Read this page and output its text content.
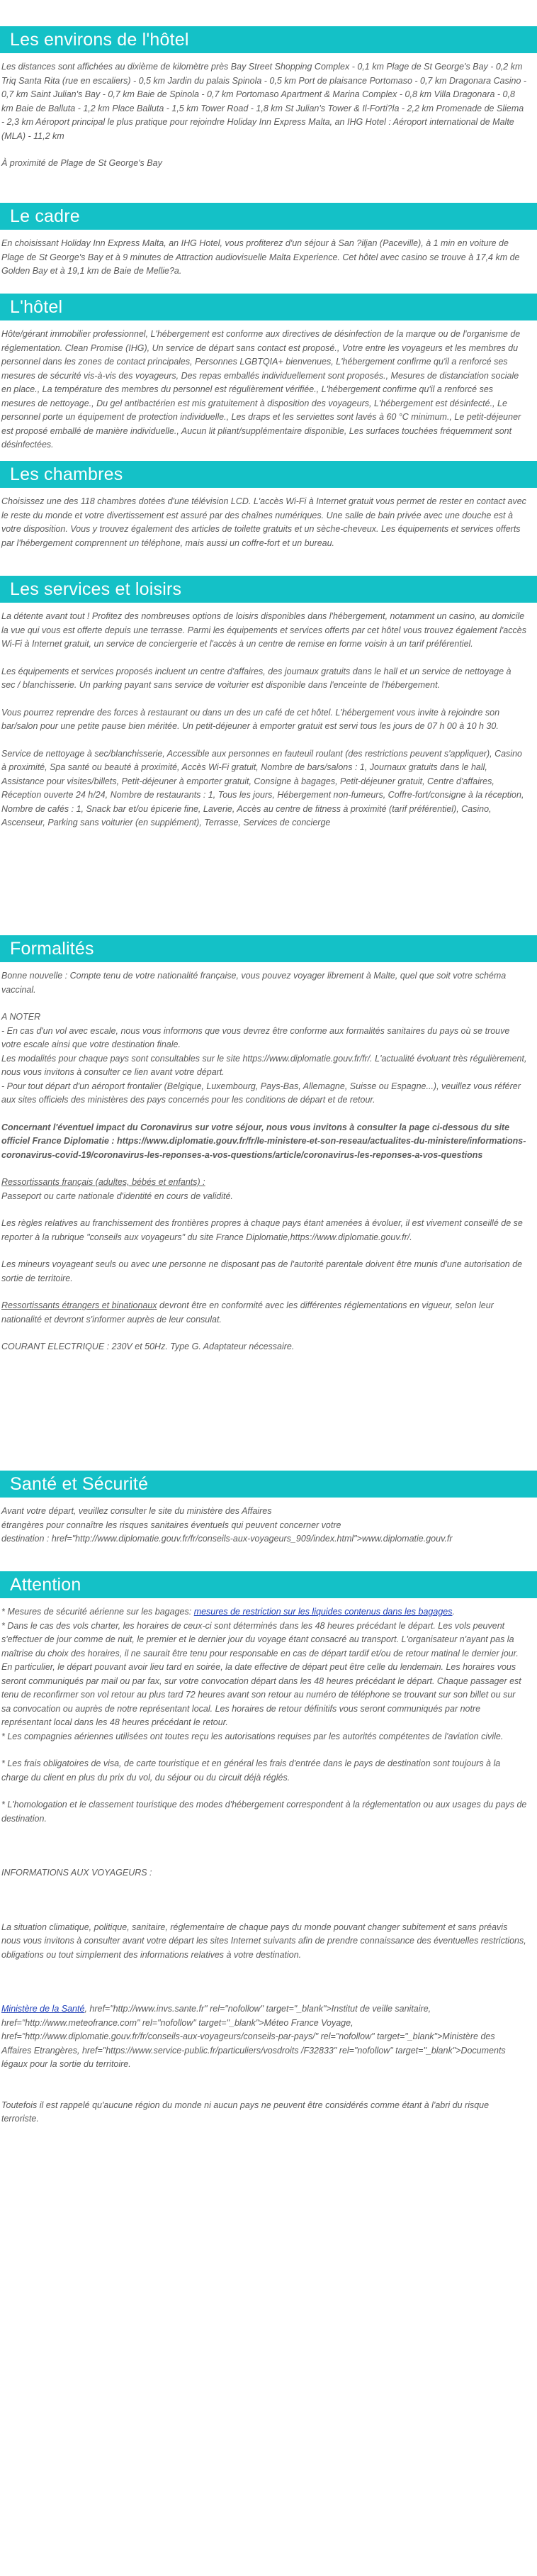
Les environs de l'hôtel

Les distances sont affichées au dixième de kilomètre près Bay Street Shopping Complex - 0,1 km Plage de St George's Bay - 0,2 km Triq Santa Rita (rue en escaliers) - 0,5 km Jardin du palais Spinola - 0,5 km Port de plaisance Portomaso - 0,7 km Dragonara Casino - 0,7 km Saint Julian's Bay - 0,7 km Baie de Spinola - 0,7 km Portomaso Apartment & Marina Complex - 0,8 km Villa Dragonara - 0,8 km Baie de Balluta - 1,2 km Place Balluta - 1,5 km Tower Road - 1,8 km St Julian's Tower & Il-Forti?la - 2,2 km Promenade de Sliema - 2,3 km Aéroport principal le plus pratique pour rejoindre Holiday Inn Express Malta, an IHG Hotel : Aéroport international de Malte (MLA) - 11,2 km

À proximité de Plage de St George's Bay

Le cadre

En choisissant Holiday Inn Express Malta, an IHG Hotel, vous profiterez d'un séjour à San ?iljan (Paceville), à 1 min en voiture de Plage de St George's Bay et à 9 minutes de Attraction audiovisuelle Malta Experience. Cet hôtel avec casino se trouve à 17,4 km de Golden Bay et à 19,1 km de Baie de Mellie?a.

L'hôtel

Hôte/gérant immobilier professionnel, L'hébergement est conforme aux directives de désinfection de la marque ou de l'organisme de réglementation. Clean Promise (IHG), Un service de départ sans contact est proposé., Votre entre les voyageurs et les membres du personnel dans les zones de contact principales, Personnes LGBTQIA+ bienvenues, L'hébergement confirme qu'il a renforcé ses mesures de sécurité vis-à-vis des voyageurs, Des repas emballés individuellement sont proposés., Mesures de distanciation sociale en place., La température des membres du personnel est régulièrement vérifiée., L'hébergement confirme qu'il a renforcé ses mesures de nettoyage., Du gel antibactérien est mis gratuitement à disposition des voyageurs, L'hébergement est désinfecté., Le personnel porte un équipement de protection individuelle., Les draps et les serviettes sont lavés à 60 °C minimum., Le petit-déjeuner est proposé emballé de manière individuelle., Aucun lit pliant/supplémentaire disponible, Les surfaces touchées fréquemment sont désinfectées.

Les chambres

Choisissez une des 118 chambres dotées d'une télévision LCD. L'accès Wi-Fi à Internet gratuit vous permet de rester en contact avec le reste du monde et votre divertissement est assuré par des chaînes numériques. Une salle de bain privée avec une douche est à votre disposition. Vous y trouvez également des articles de toilette gratuits et un sèche-cheveux. Les équipements et services offerts par l'hébergement comprennent un téléphone, mais aussi un coffre-fort et un bureau.

Les services et loisirs

La détente avant tout ! Profitez des nombreuses options de loisirs disponibles dans l'hébergement, notamment un casino, au domicile la vue qui vous est offerte depuis une terrasse. Parmi les équipements et services offerts par cet hôtel vous trouvez également l'accès Wi-Fi à Internet gratuit, un service de conciergerie et l'accès à un centre de remise en forme voisin à un tarif préférentiel.

Les équipements et services proposés incluent un centre d'affaires, des journaux gratuits dans le hall et un service de nettoyage à sec / blanchisserie. Un parking payant sans service de voiturier est disponible dans l'enceinte de l'hébergement.

Vous pourrez reprendre des forces à restaurant ou dans un des un café de cet hôtel. L'hébergement vous invite à rejoindre son bar/salon pour une petite pause bien méritée. Un petit-déjeuner à emporter gratuit est servi tous les jours de 07 h 00 à 10 h 30.

Service de nettoyage à sec/blanchisserie, Accessible aux personnes en fauteuil roulant (des restrictions peuvent s'appliquer), Casino à proximité, Spa santé ou beauté à proximité, Accès Wi-Fi gratuit, Nombre de bars/salons : 1, Journaux gratuits dans le hall, Assistance pour visites/billets, Petit-déjeuner à emporter gratuit, Consigne à bagages, Petit-déjeuner gratuit, Centre d'affaires, Réception ouverte 24 h/24, Nombre de restaurants : 1, Tous les jours, Hébergement non-fumeurs, Coffre-fort/consigne à la réception, Nombre de cafés : 1, Snack bar et/ou épicerie fine, Laverie, Accès au centre de fitness à proximité (tarif préférentiel), Casino, Ascenseur, Parking sans voiturier (en supplément), Terrasse, Services de concierge

Formalités

Bonne nouvelle : Compte tenu de votre nationalité française, vous pouvez voyager librement à Malte, quel que soit votre schéma vaccinal.

A NOTER
- En cas d'un vol avec escale, nous vous informons que vous devrez être conforme aux formalités sanitaires du pays où se trouve votre escale ainsi que votre destination finale.
Les modalités pour chaque pays sont consultables sur le site https://www.diplomatie.gouv.fr/fr/. L'actualité évoluant très régulièrement, nous vous invitons à consulter ce lien avant votre départ.
- Pour tout départ d'un aéroport frontalier (Belgique, Luxembourg, Pays-Bas, Allemagne, Suisse ou Espagne...), veuillez vous référer aux sites officiels des ministères des pays concernés pour les conditions de départ et de retour.

Concernant l'éventuel impact du Coronavirus sur votre séjour, nous vous invitons à consulter la page ci-dessous du site officiel France Diplomatie : https://www.diplomatie.gouv.fr/fr/le-ministere-et-son-reseau/actualites-du-ministere/informations-coronavirus-covid-19/coronavirus-les-reponses-a-vos-questions/article/coronavirus-les-reponses-a-vos-questions

Ressortissants français (adultes, bébés et enfants) :
Passeport ou carte nationale d'identité en cours de validité.

Les règles relatives au franchissement des frontières propres à chaque pays étant amenées à évoluer, il est vivement conseillé de se reporter à la rubrique "conseils aux voyageurs" du site France Diplomatie,https://www.diplomatie.gouv.fr/.

Les mineurs voyageant seuls ou avec une personne ne disposant pas de l'autorité parentale doivent être munis d'une autorisation de sortie de territoire.

Ressortissants étrangers et binationaux devront être en conformité avec les différentes réglementations en vigueur, selon leur nationalité et devront s'informer auprès de leur consulat.

COURANT ELECTRIQUE : 230V et 50Hz. Type G. Adaptateur nécessaire.

Santé et Sécurité

Avant votre départ, veuillez consulter le site du ministère des Affaires
étrangères pour connaître les risques sanitaires éventuels qui peuvent concerner votre
destination : href="http://www.diplomatie.gouv.fr/fr/conseils-aux-voyageurs_909/index.html">www.diplomatie.gouv.fr

Attention

* Mesures de sécurité aérienne sur les bagages: mesures de restriction sur les liquides contenus dans les bagages.
* Dans le cas des vols charter, les horaires de ceux-ci sont déterminés dans les 48 heures précédant le départ. Les vols peuvent s'effectuer de jour comme de nuit, le premier et le dernier jour du voyage étant consacré au transport. L'organisateur n'ayant pas la maîtrise du choix des horaires, il ne saurait être tenu pour responsable en cas de départ tardif et/ou de retour matinal le dernier jour. En particulier, le départ pouvant avoir lieu tard en soirée, la date effective de départ peut être celle du lendemain. Les horaires vous seront communiqués par mail ou par fax, sur votre convocation départ dans les 48 heures précédant le départ. Chaque passager est tenu de reconfirmer son vol retour au plus tard 72 heures avant son retour au numéro de téléphone se trouvant sur son billet ou sur sa convocation ou auprès de notre représentant local. Les horaires de retour définitifs vous seront communiqués par notre représentant local dans les 48 heures précédant le retour.
* Les compagnies aériennes utilisées ont toutes reçu les autorisations requises par les autorités compétentes de l'aviation civile.

* Les frais obligatoires de visa, de carte touristique et en général les frais d'entrée dans le pays de destination sont toujours à la charge du client en plus du prix du vol, du séjour ou du circuit déjà réglés.

* L'homologation et le classement touristique des modes d'hébergement correspondent à la réglementation ou aux usages du pays de destination.

INFORMATIONS AUX VOYAGEURS :

La situation climatique, politique, sanitaire, réglementaire de chaque pays du monde pouvant changer subitement et sans préavis
nous vous invitons à consulter avant votre départ les sites Internet suivants afin de prendre connaissance des éventuelles restrictions, obligations ou tout simplement des informations relatives à votre destination.

Ministère de la Santé, href="http://www.invs.sante.fr" rel="nofollow" target="_blank">Institut de veille sanitaire, href="http://www.meteofrance.com" rel="nofollow" target="_blank">Méteo France Voyage, href="http://www.diplomatie.gouv.fr/fr/conseils-aux-voyageurs/conseils-par-pays/" rel="nofollow" target="_blank">Ministère des Affaires Etrangères, href="https://www.service-public.fr/particuliers/vosdroits /F32833" rel="nofollow" target="_blank">Documents légaux pour la sortie du territoire.

Toutefois il est rappelé qu'aucune région du monde ni aucun pays ne peuvent être considérés comme étant à l'abri du risque terroriste.
